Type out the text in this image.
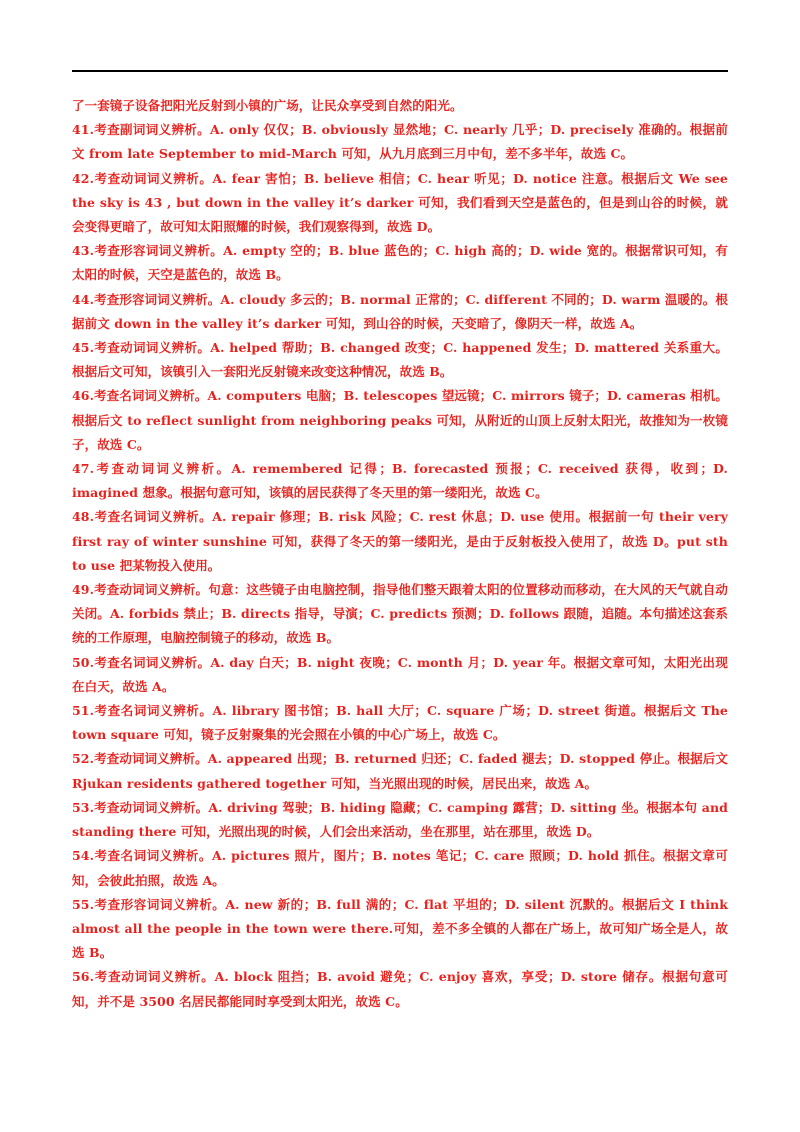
了一套镜子设备把阳光反射到小镇的广场，让民众享受到自然的阳光。

41.考查副词词义辨析。A. only 仅仅；B. obviously 显然地；C. nearly 几乎；D. precisely 准确的。根据前文 from late September to mid-March 可知，从九月底到三月中旬，差不多半年，故选 C。

42.考查动词词义辨析。A. fear 害怕；B. believe 相信；C. hear 听见；D. notice 注意。根据后文 We see the sky is 43 , but down in the valley it’s darker 可知，我们看到天空是蓝色的，但是到山谷的时候，就会变得更暗了，故可知太阳照耀的时候，我们观察得到，故选 D。

43.考查形容词词义辨析。A. empty 空的；B. blue 蓝色的；C. high 高的；D. wide 宽的。根据常识可知，有太阳的时候，天空是蓝色的，故选 B。

44.考查形容词词义辨析。A. cloudy 多云的；B. normal 正常的；C. different 不同的；D. warm 温暖的。根据前文 down in the valley it’s darker 可知，到山谷的时候，天变暗了，像阴天一样，故选 A。

45.考查动词词义辨析。A. helped 帮助；B. changed 改变；C. happened 发生；D. mattered 关系重大。根据后文可知，该镇引入一套阳光反射镜来改变这种情况，故选 B。

46.考查名词词义辨析。A. computers 电脑；B. telescopes 望远镜；C. mirrors 镜子；D. cameras 相机。根据后文 to reflect sunlight from neighboring peaks 可知，从附近的山顶上反射太阳光，故推知为一枚镜子，故选 C。

47.考查动词词义辨析。A. remembered 记得；B. forecasted 预报；C. received 获得，收到；D. imagined 想象。根据句意可知，该镇的居民获得了冬天里的第一缕阳光，故选 C。

48.考查名词词义辨析。A. repair 修理；B. risk 风险；C. rest 休息；D. use 使用。根据前一句 their very first ray of winter sunshine 可知，获得了冬天的第一缕阳光，是由于反射板投入使用了，故选 D。put sth to use 把某物投入使用。

49.考查动词词义辨析。句意：这些镜子由电脑控制，指导他们整天跟着太阳的位置移动而移动，在大风的天气就自动关闭。A. forbids 禁止；B. directs 指导，导演；C. predicts 预测；D. follows 跟随，追随。本句描述这套系统的工作原理，电脑控制镜子的移动，故选 B。

50.考查名词词义辨析。A. day 白天；B. night 夜晚；C. month 月；D. year 年。根据文章可知，太阳光出现在白天，故选 A。

51.考查名词词义辨析。A. library 图书馆；B. hall 大厅；C. square 广场；D. street 街道。根据后文 The town square 可知，镜子反射聚集的光会照在小镇的中心广场上，故选 C。

52.考查动词词义辨析。A. appeared 出现；B. returned 归还；C. faded 褪去；D. stopped 停止。根据后文 Rjukan residents gathered together 可知，当光照出现的时候，居民出来，故选 A。

53.考查动词词义辨析。A. driving 驾驶；B. hiding 隐藏；C. camping 露营；D. sitting 坐。根据本句 and standing there 可知，光照出现的时候，人们会出来活动，坐在那里，站在那里，故选 D。

54.考查名词词义辨析。A. pictures 照片，图片；B. notes 笔记；C. care 照顾；D. hold 抓住。根据文章可知，会彼此拍照，故选 A。

55.考查形容词词义辨析。A. new 新的；B. full 满的；C. flat 平坦的；D. silent 沉默的。根据后文 I think almost all the people in the town were there.可知，差不多全镇的人都在广场上，故可知广场全是人，故选 B。

56.考查动词词义辨析。A. block 阻挡；B. avoid 避免；C. enjoy 喜欢，享受；D. store 储存。根据句意可知，并不是 3500 名居民都能同时享受到太阳光，故选 C。
